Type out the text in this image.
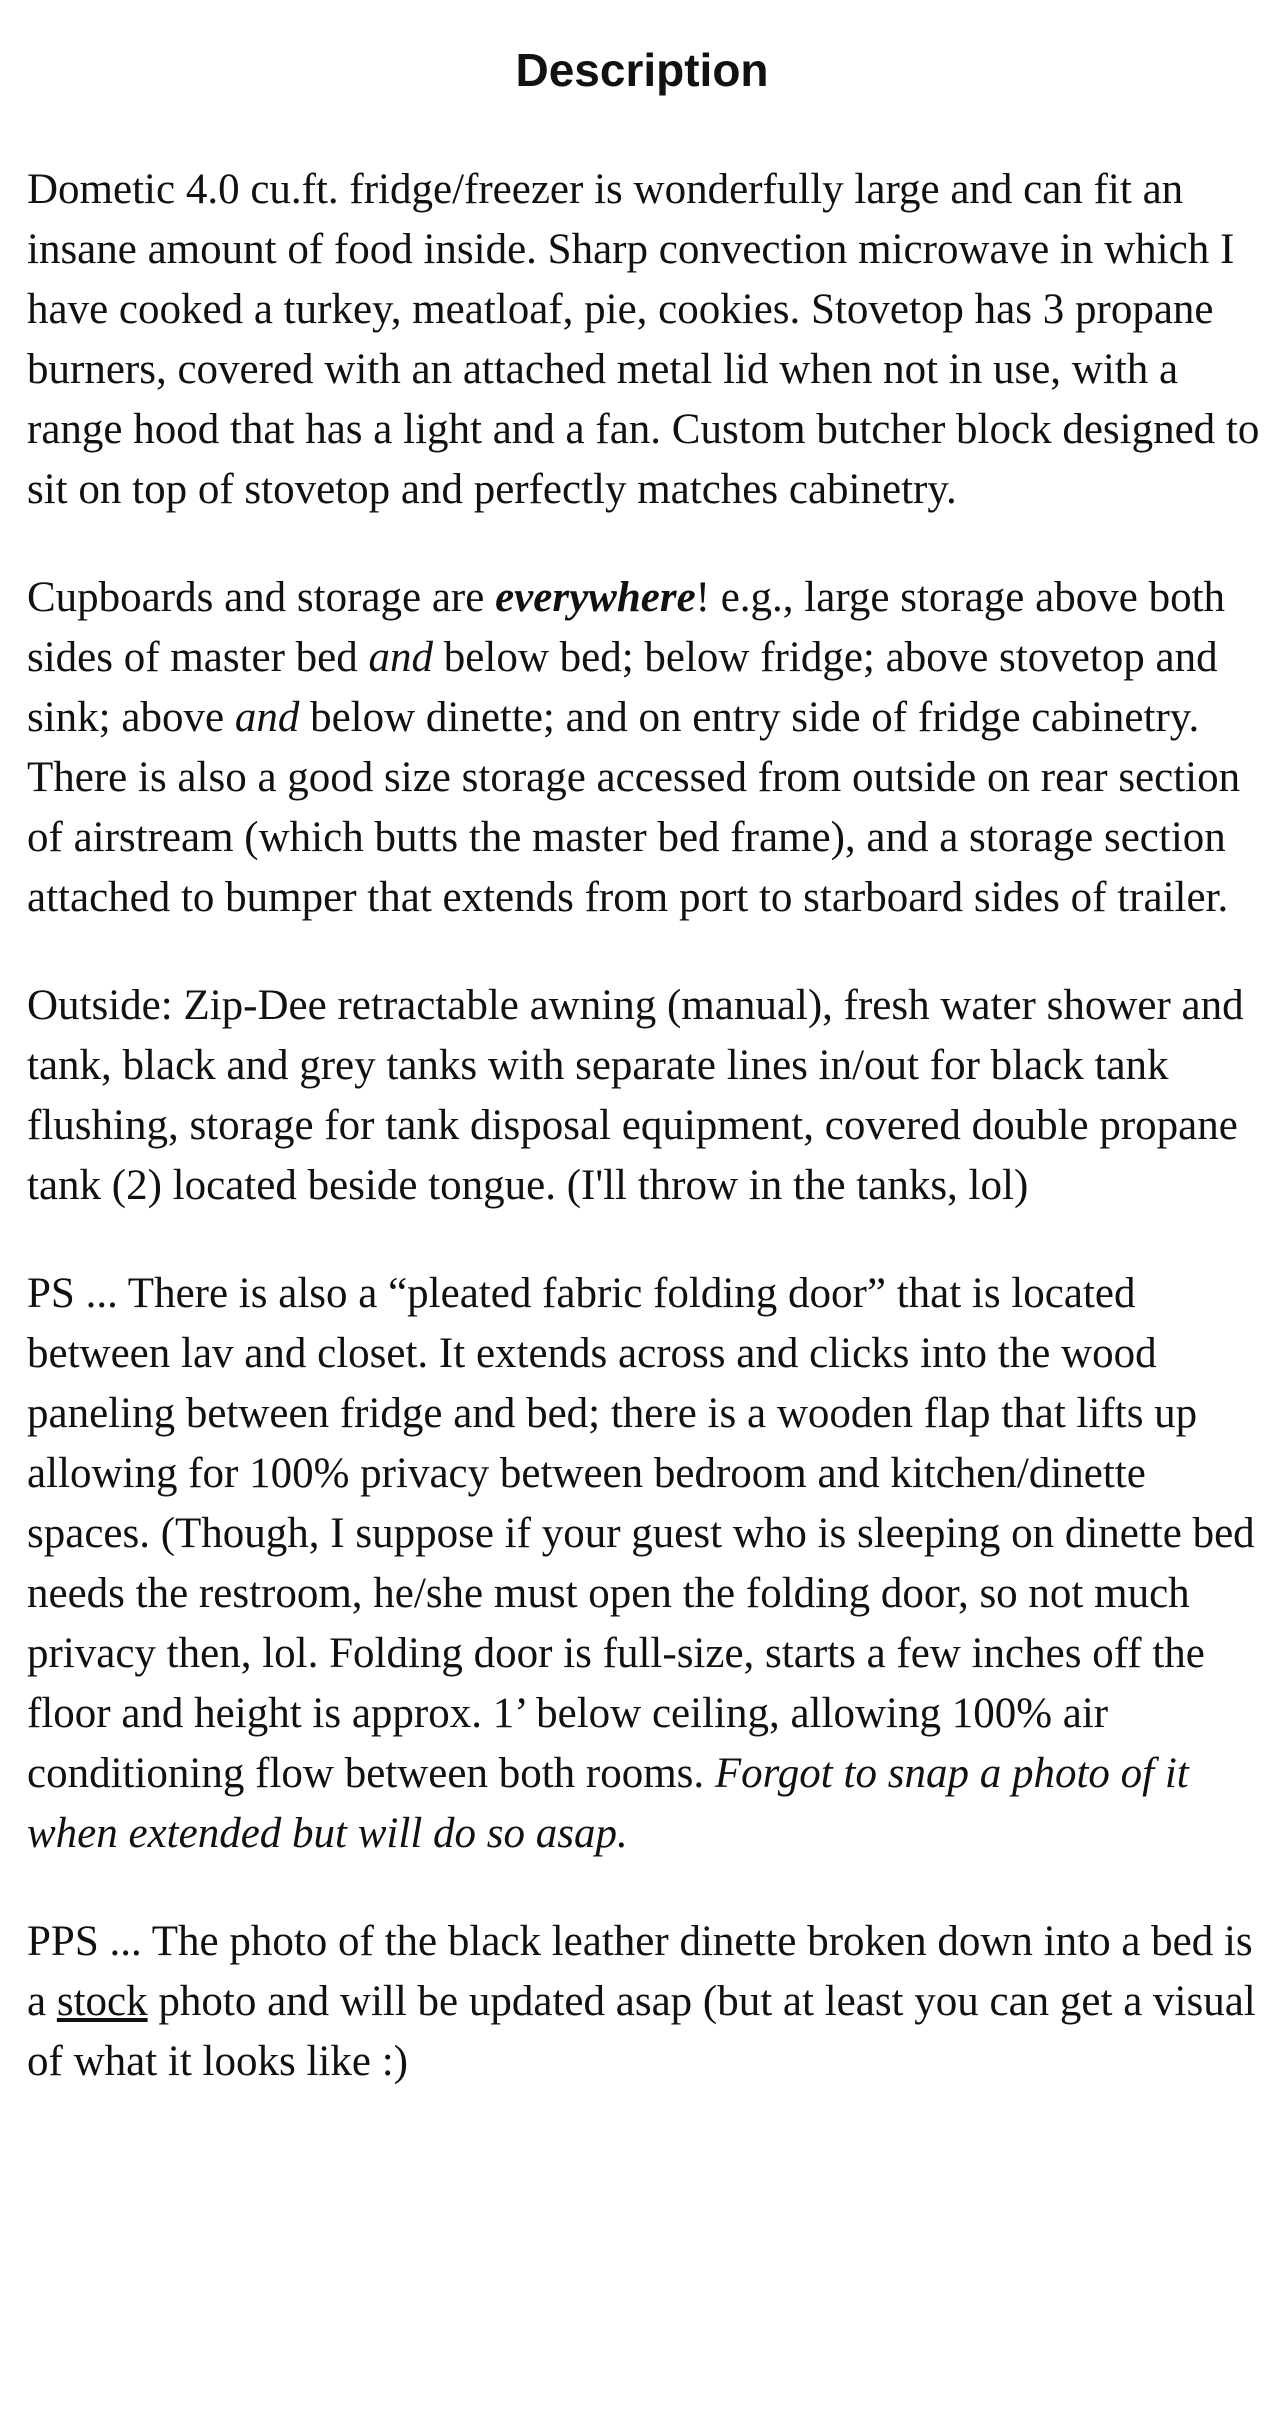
Description

Dometic 4.0 cu.ft. fridge/freezer is wonderfully large and can fit an insane amount of food inside. Sharp convection microwave in which I have cooked a turkey, meatloaf, pie, cookies. Stovetop has 3 propane burners, covered with an attached metal lid when not in use, with a range hood that has a light and a fan. Custom butcher block designed to sit on top of stovetop and perfectly matches cabinetry.

Cupboards and storage are everywhere! e.g., large storage above both sides of master bed and below bed; below fridge; above stovetop and sink; above and below dinette; and on entry side of fridge cabinetry. There is also a good size storage accessed from outside on rear section of airstream (which butts the master bed frame), and a storage section attached to bumper that extends from port to starboard sides of trailer.

Outside: Zip-Dee retractable awning (manual), fresh water shower and tank, black and grey tanks with separate lines in/out for black tank flushing, storage for tank disposal equipment, covered double propane tank (2) located beside tongue. (I'll throw in the tanks, lol)

PS ... There is also a “pleated fabric folding door” that is located between lav and closet. It extends across and clicks into the wood paneling between fridge and bed; there is a wooden flap that lifts up allowing for 100% privacy between bedroom and kitchen/dinette spaces. (Though, I suppose if your guest who is sleeping on dinette bed needs the restroom, he/she must open the folding door, so not much privacy then, lol. Folding door is full-size, starts a few inches off the floor and height is approx. 1’ below ceiling, allowing 100% air conditioning flow between both rooms. Forgot to snap a photo of it when extended but will do so asap.

PPS ... The photo of the black leather dinette broken down into a bed is a stock photo and will be updated asap (but at least you can get a visual of what it looks like :)
